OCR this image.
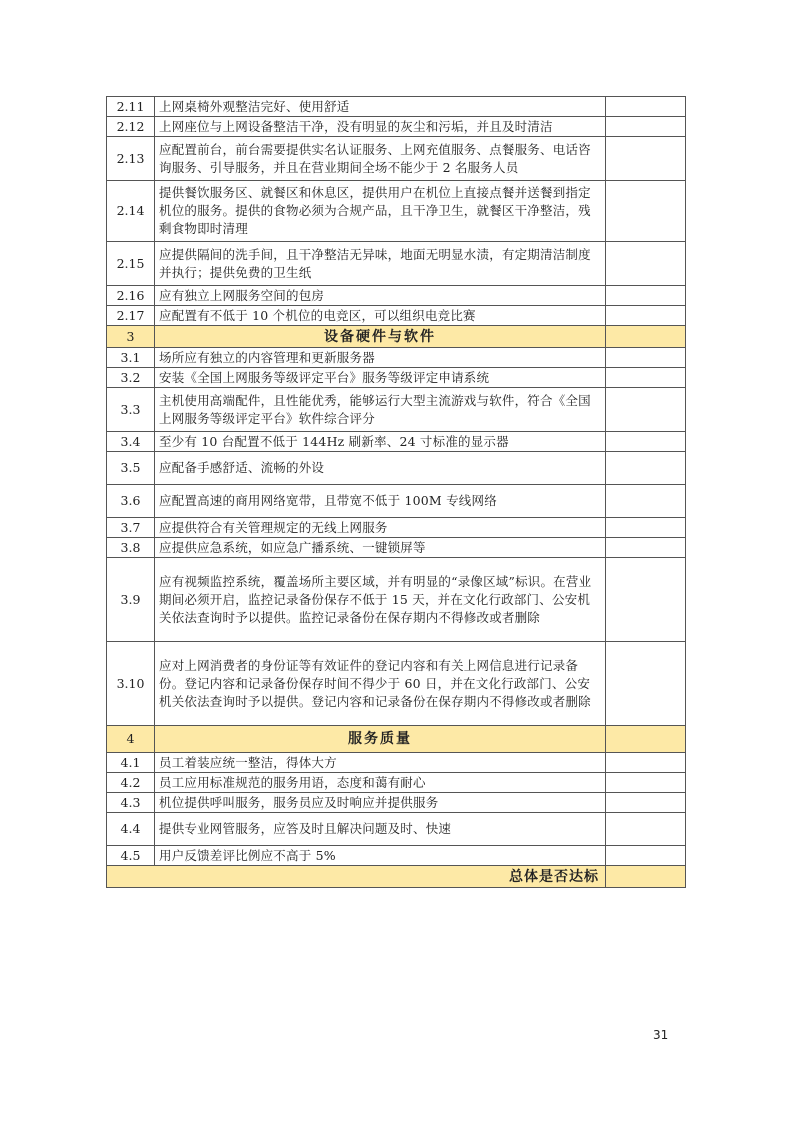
2.11	上网桌椅外观整洁完好、使用舒适	
2.12	上网座位与上网设备整洁干净，没有明显的灰尘和污垢，并且及时清洁	
2.13	应配置前台，前台需要提供实名认证服务、上网充值服务、点餐服务、电话咨询服务、引导服务，并且在营业期间全场不能少于 2 名服务人员	
2.14	提供餐饮服务区、就餐区和休息区，提供用户在机位上直接点餐并送餐到指定机位的服务。提供的食物必须为合规产品，且干净卫生，就餐区干净整洁，残剩食物即时清理	
2.15	应提供隔间的洗手间，且干净整洁无异味，地面无明显水渍，有定期清洁制度并执行；提供免费的卫生纸	
2.16	应有独立上网服务空间的包房	
2.17	应配置有不低于 10 个机位的电竞区，可以组织电竞比赛	
3	设备硬件与软件	
3.1	场所应有独立的内容管理和更新服务器	
3.2	安装《全国上网服务等级评定平台》服务等级评定申请系统	
3.3	主机使用高端配件，且性能优秀，能够运行大型主流游戏与软件，符合《全国上网服务等级评定平台》软件综合评分	
3.4	至少有 10 台配置不低于 144Hz 刷新率、24 寸标准的显示器	
3.5	应配备手感舒适、流畅的外设	
3.6	应配置高速的商用网络宽带，且带宽不低于 100M 专线网络	
3.7	应提供符合有关管理规定的无线上网服务	
3.8	应提供应急系统，如应急广播系统、一键锁屏等	
3.9	应有视频监控系统，覆盖场所主要区域，并有明显的“录像区域”标识。在营业期间必须开启，监控记录备份保存不低于 15 天，并在文化行政部门、公安机关依法查询时予以提供。监控记录备份在保存期内不得修改或者删除	
3.10	应对上网消费者的身份证等有效证件的登记内容和有关上网信息进行记录备份。登记内容和记录备份保存时间不得少于 60 日，并在文化行政部门、公安机关依法查询时予以提供。登记内容和记录备份在保存期内不得修改或者删除	
4	服务质量	
4.1	员工着装应统一整洁，得体大方	
4.2	员工应用标准规范的服务用语，态度和蔼有耐心	
4.3	机位提供呼叫服务，服务员应及时响应并提供服务	
4.4	提供专业网管服务，应答及时且解决问题及时、快速	
4.5	用户反馈差评比例应不高于 5%	
总体是否达标		
31
